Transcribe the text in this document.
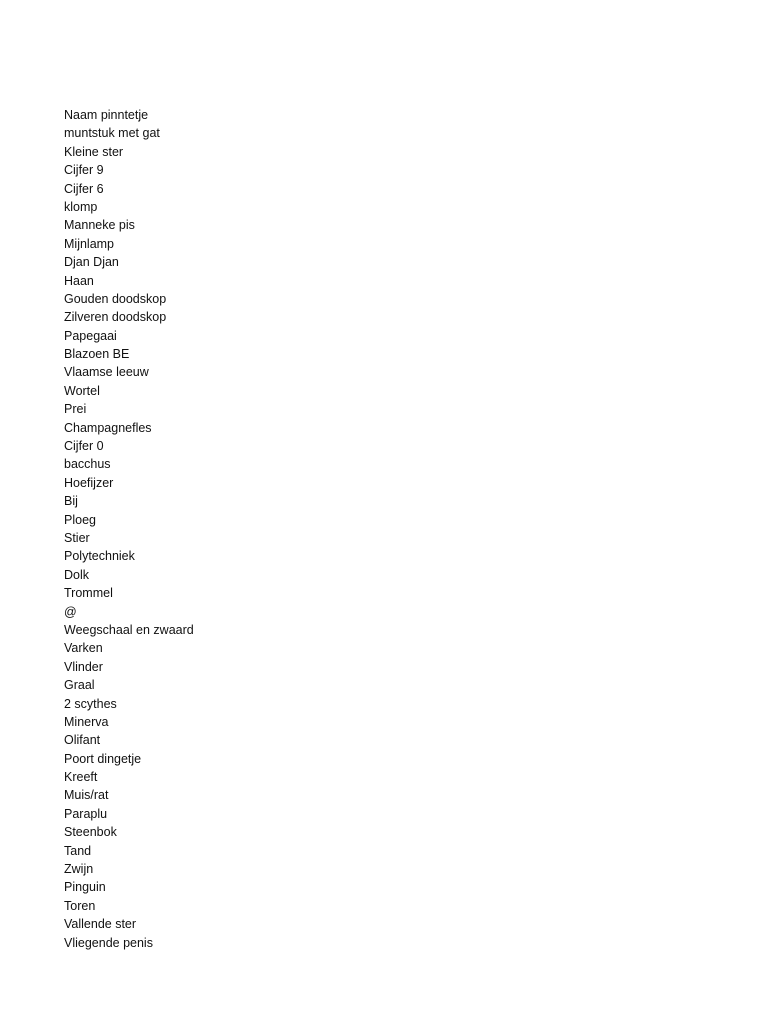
Naam pinntetje
muntstuk met gat
Kleine ster
Cijfer 9
Cijfer 6
klomp
Manneke pis
Mijnlamp
Djan Djan
Haan
Gouden doodskop
Zilveren doodskop
Papegaai
Blazoen BE
Vlaamse leeuw
Wortel
Prei
Champagnefles
Cijfer 0
bacchus
Hoefijzer
Bij
Ploeg
Stier
Polytechniek
Dolk
Trommel
@
Weegschaal en zwaard
Varken
Vlinder
Graal
2 scythes
Minerva
Olifant
Poort dingetje
Kreeft
Muis/rat
Paraplu
Steenbok
Tand
Zwijn
Pinguin
Toren
Vallende ster
Vliegende penis
